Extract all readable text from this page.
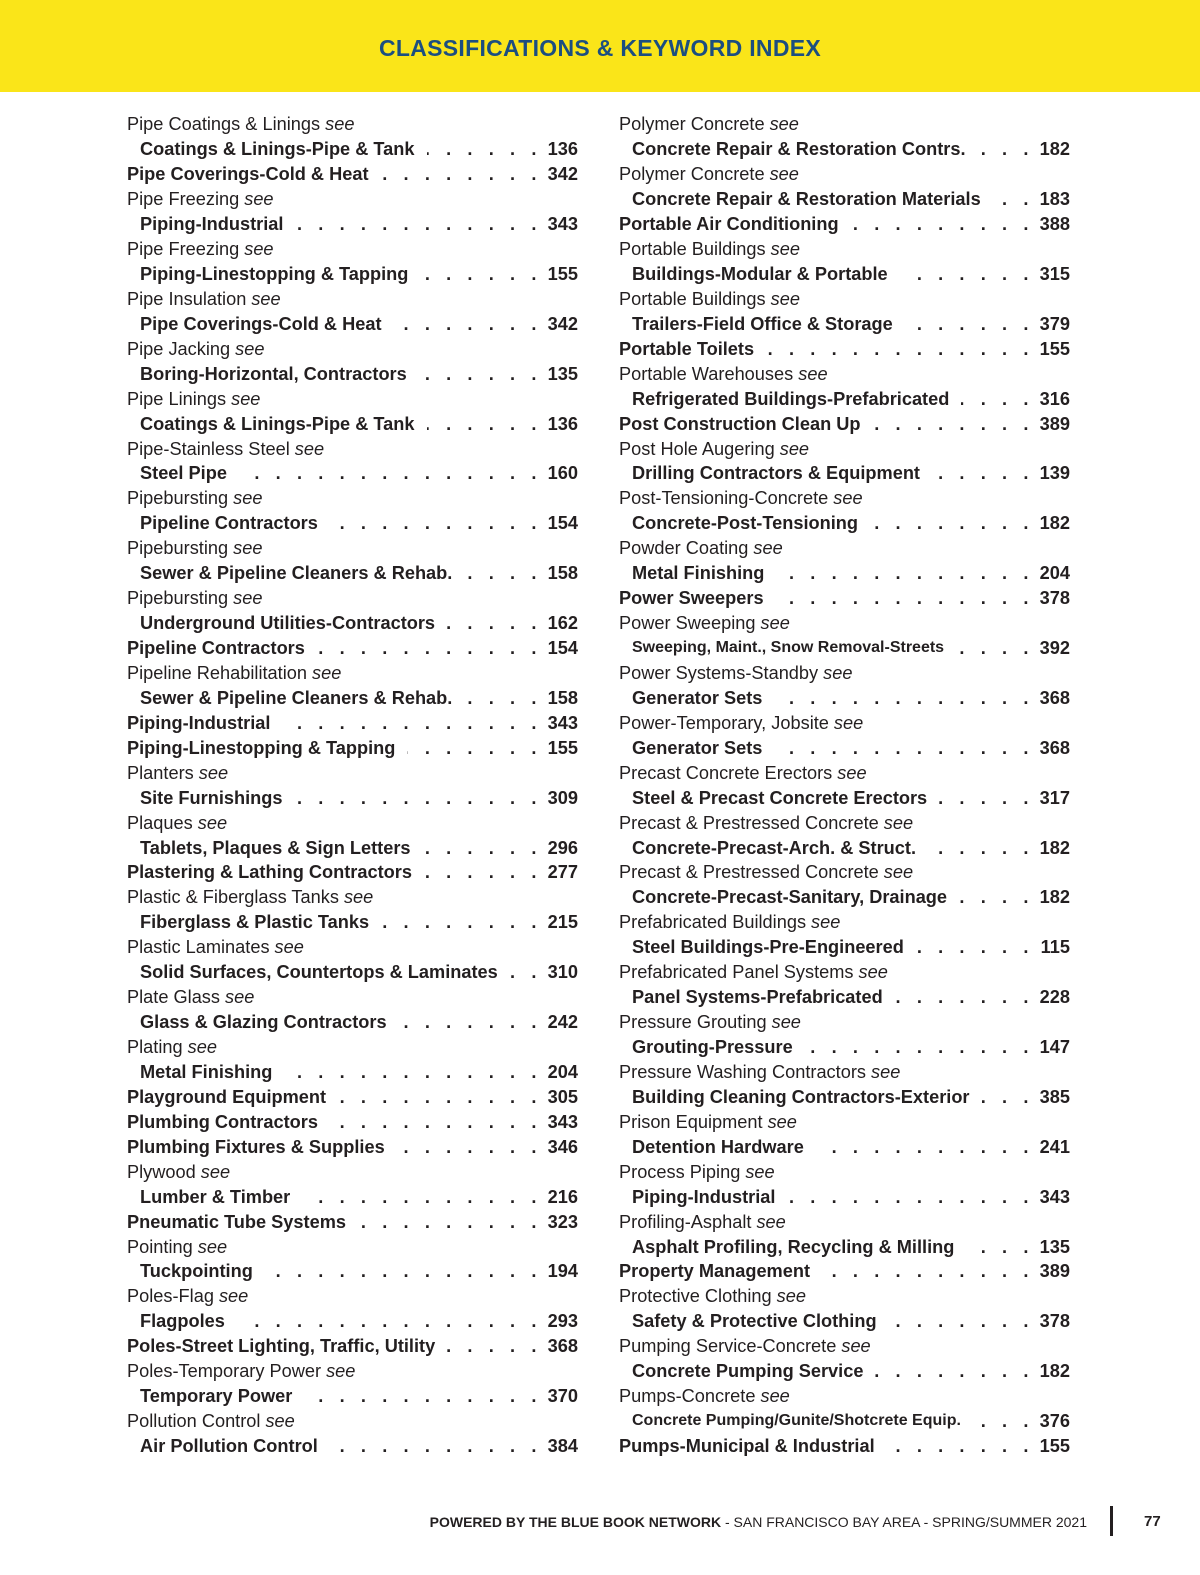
CLASSIFICATIONS & KEYWORD INDEX
Pipe Coatings & Linings see
Coatings & Linings-Pipe & Tank . . .	136
Pipe Coverings-Cold & Heat . . .	342
Pipe Freezing see
Piping-Industrial . . .	343
Pipe Freezing see
Piping-Linestopping & Tapping . . .	155
Pipe Insulation see
Pipe Coverings-Cold & Heat . . .	342
Pipe Jacking see
Boring-Horizontal, Contractors . . .	135
Pipe Linings see
Coatings & Linings-Pipe & Tank . . .	136
Pipe-Stainless Steel see
Steel Pipe . . .	160
Pipebursting see
Pipeline Contractors . . .	154
Pipebursting see
Sewer & Pipeline Cleaners & Rehab. . . .	158
Pipebursting see
Underground Utilities-Contractors . . .	162
Pipeline Contractors . . .	154
Pipeline Rehabilitation see
Sewer & Pipeline Cleaners & Rehab. . . .	158
Piping-Industrial . . .	343
Piping-Linestopping & Tapping . . .	155
Planters see
Site Furnishings . . .	309
Plaques see
Tablets, Plaques & Sign Letters . . .	296
Plastering & Lathing Contractors . . .	277
Plastic & Fiberglass Tanks see
Fiberglass & Plastic Tanks . . .	215
Plastic Laminates see
Solid Surfaces, Countertops & Laminates . . .	310
Plate Glass see
Glass & Glazing Contractors . . .	242
Plating see
Metal Finishing . . .	204
Playground Equipment . . .	305
Plumbing Contractors . . .	343
Plumbing Fixtures & Supplies . . .	346
Plywood see
Lumber & Timber . . .	216
Pneumatic Tube Systems . . .	323
Pointing see
Tuckpointing . . .	194
Poles-Flag see
Flagpoles . . .	293
Poles-Street Lighting, Traffic, Utility . . .	368
Poles-Temporary Power see
Temporary Power . . .	370
Pollution Control see
Air Pollution Control . . .	384
Polymer Concrete see
Concrete Repair & Restoration Contrs. . . .	182
Polymer Concrete see
Concrete Repair & Restoration Materials . . .	183
Portable Air Conditioning . . .	388
Portable Buildings see
Buildings-Modular & Portable . . .	315
Portable Buildings see
Trailers-Field Office & Storage . . .	379
Portable Toilets . . .	155
Portable Warehouses see
Refrigerated Buildings-Prefabricated . . .	316
Post Construction Clean Up . . .	389
Post Hole Augering see
Drilling Contractors & Equipment . . .	139
Post-Tensioning-Concrete see
Concrete-Post-Tensioning . . .	182
Powder Coating see
Metal Finishing . . .	204
Power Sweepers . . .	378
Power Sweeping see
Sweeping, Maint., Snow Removal-Streets . . .	392
Power Systems-Standby see
Generator Sets . . .	368
Power-Temporary, Jobsite see
Generator Sets . . .	368
Precast Concrete Erectors see
Steel & Precast Concrete Erectors . . .	317
Precast & Prestressed Concrete see
Concrete-Precast-Arch. & Struct. . . .	182
Precast & Prestressed Concrete see
Concrete-Precast-Sanitary, Drainage . . .	182
Prefabricated Buildings see
Steel Buildings-Pre-Engineered . . .	115
Prefabricated Panel Systems see
Panel Systems-Prefabricated . . .	228
Pressure Grouting see
Grouting-Pressure . . .	147
Pressure Washing Contractors see
Building Cleaning Contractors-Exterior . . .	385
Prison Equipment see
Detention Hardware . . .	241
Process Piping see
Piping-Industrial . . .	343
Profiling-Asphalt see
Asphalt Profiling, Recycling & Milling . . .	135
Property Management . . .	389
Protective Clothing see
Safety & Protective Clothing . . .	378
Pumping Service-Concrete see
Concrete Pumping Service . . .	182
Pumps-Concrete see
Concrete Pumping/Gunite/Shotcrete Equip. . . .	376
Pumps-Municipal & Industrial . . .	155
POWERED BY THE BLUE BOOK NETWORK - SAN FRANCISCO BAY AREA - SPRING/SUMMER 2021	77
